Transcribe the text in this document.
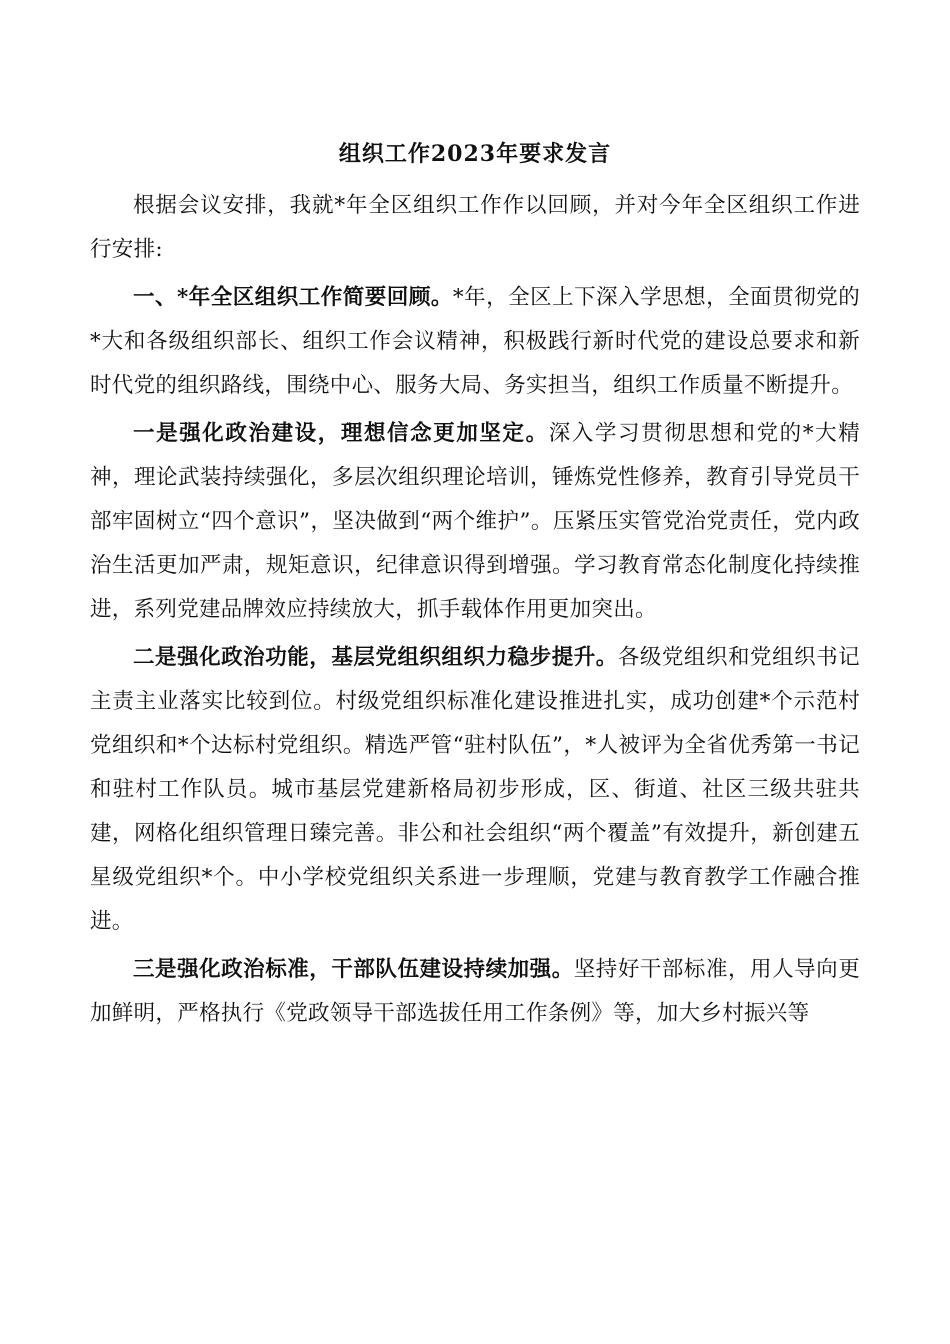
组织工作2023年要求发言

根据会议安排，我就*年全区组织工作作以回顾，并对今年全区组织工作进行安排:

一、*年全区组织工作简要回顾。*年，全区上下深入学思想，全面贯彻党的*大和各级组织部长、组织工作会议精神，积极践行新时代党的建设总要求和新时代党的组织路线，围绕中心、服务大局、务实担当，组织工作质量不断提升。

一是强化政治建设，理想信念更加坚定。深入学习贯彻思想和党的*大精神，理论武装持续强化，多层次组织理论培训，锤炼党性修养，教育引导党员干部牢固树立“四个意识”，坚决做到“两个维护”。压紧压实管党治党责任，党内政治生活更加严肃，规矩意识，纪律意识得到增强。学习教育常态化制度化持续推进，系列党建品牌效应持续放大，抓手载体作用更加突出。

二是强化政治功能，基层党组织组织力稳步提升。各级党组织和党组织书记主责主业落实比较到位。村级党组织标准化建设推进扎实，成功创建*个示范村党组织和*个达标村党组织。精选严管“驻村队伍”，*人被评为全省优秀第一书记和驻村工作队员。城市基层党建新格局初步形成，区、街道、社区三级共驻共建，网格化组织管理日臻完善。非公和社会组织“两个覆盖”有效提升，新创建五星级党组织*个。中小学校党组织关系进一步理顺，党建与教育教学工作融合推进。

三是强化政治标准，干部队伍建设持续加强。坚持好干部标准，用人导向更加鲜明，严格执行《党政领导干部选拔任用工作条例》等，加大乡村振兴等
